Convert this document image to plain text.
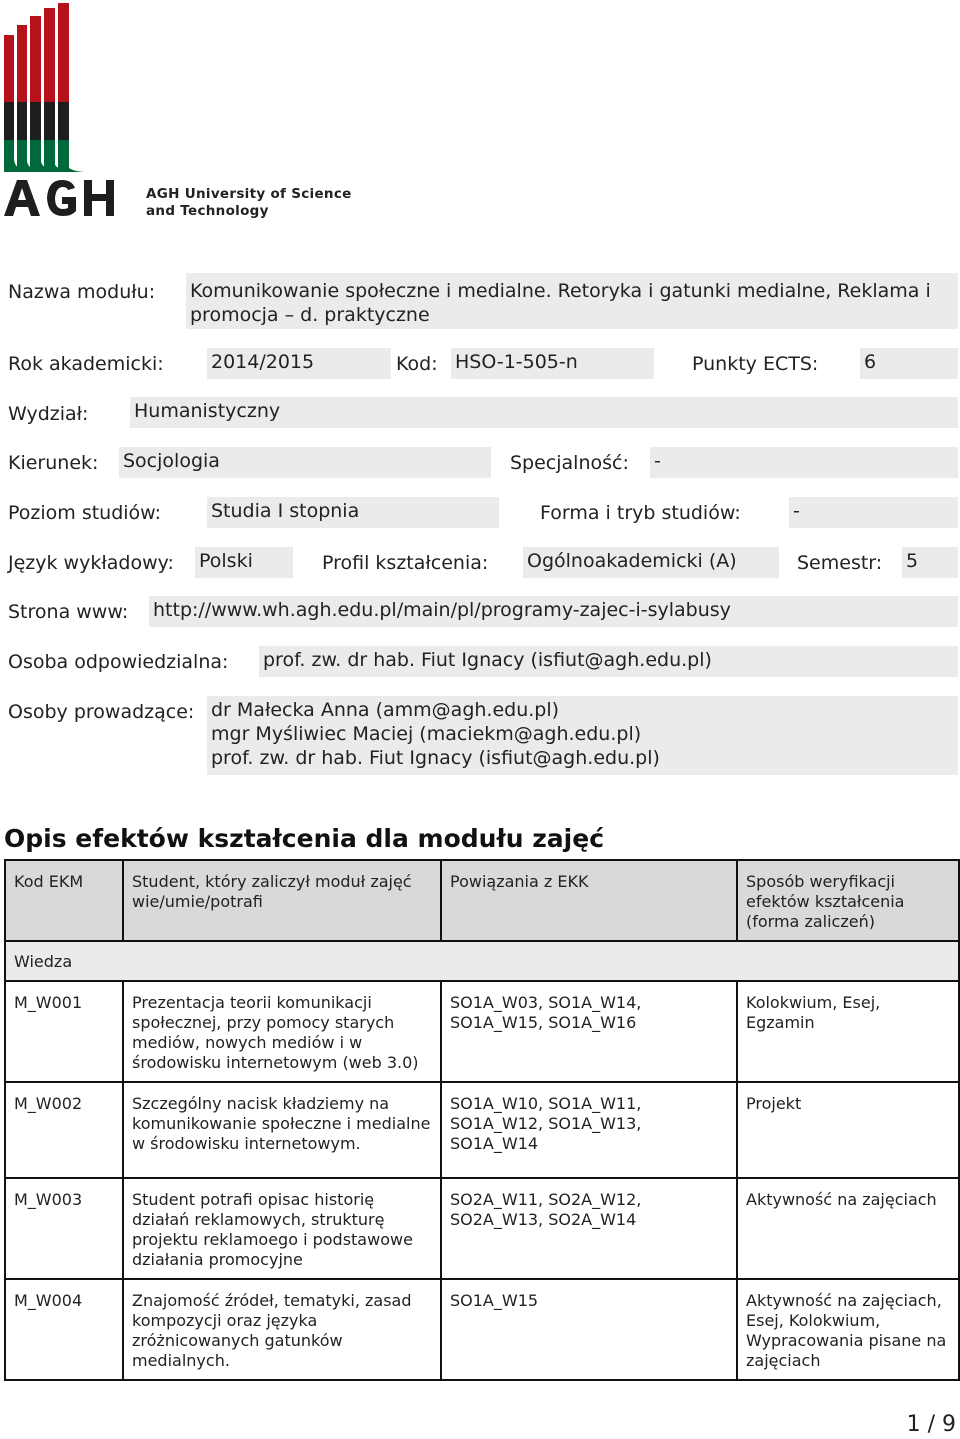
AGH University of Science
and Technology
Nazwa modułu: Komunikowanie społeczne i medialne. Retoryka i gatunki medialne, Reklama i promocja – d. praktyczne
Rok akademicki: 2014/2015	Kod: HSO-1-505-n	Punkty ECTS: 6
Wydział: Humanistyczny
Kierunek: Socjologia	Specjalność: -
Poziom studiów:	Studia I stopnia	Forma i tryb studiów:	-
Język wykładowy: Polski	Profil kształcenia: Ogólnoakademicki (A)	Semestr: 5
Strona www: http://www.wh.agh.edu.pl/main/pl/programy-zajec-i-sylabusy
Osoba odpowiedzialna: prof. zw. dr hab. Fiut Ignacy (isfiut@agh.edu.pl)
Osoby prowadzące: dr Małecka Anna (amm@agh.edu.pl)
mgr Myśliwiec Maciej (maciekm@agh.edu.pl)
prof. zw. dr hab. Fiut Ignacy (isfiut@agh.edu.pl)
Opis efektów kształcenia dla modułu zajęć
Kod EKM	Student, który zaliczył moduł zajęć wie/umie/potrafi	Powiązania z EKK	Sposób weryfikacji efektów kształcenia (forma zaliczeń)
Wiedza			
M_W001	Prezentacja teorii komunikacji społecznej, przy pomocy starych mediów, nowych mediów i w środowisku internetowym (web 3.0)	SO1A_W03, SO1A_W14, SO1A_W15, SO1A_W16	Kolokwium, Esej, Egzamin
M_W002	Szczególny nacisk kładziemy na komunikowanie społeczne i medialne w środowisku internetowym.	SO1A_W10, SO1A_W11, SO1A_W12, SO1A_W13, SO1A_W14	Projekt
M_W003	Student potrafi opisac historię działań reklamowych, strukturę projektu reklamoego i podstawowe działania promocyjne	SO2A_W11, SO2A_W12, SO2A_W13, SO2A_W14	Aktywność na zajęciach
M_W004	Znajomość źródeł, tematyki, zasad kompozycji oraz języka zróżnicowanych gatunków medialnych.	SO1A_W15	Aktywność na zajęciach, Esej, Kolokwium, Wypracowania pisane na zajęciach
1 / 9
